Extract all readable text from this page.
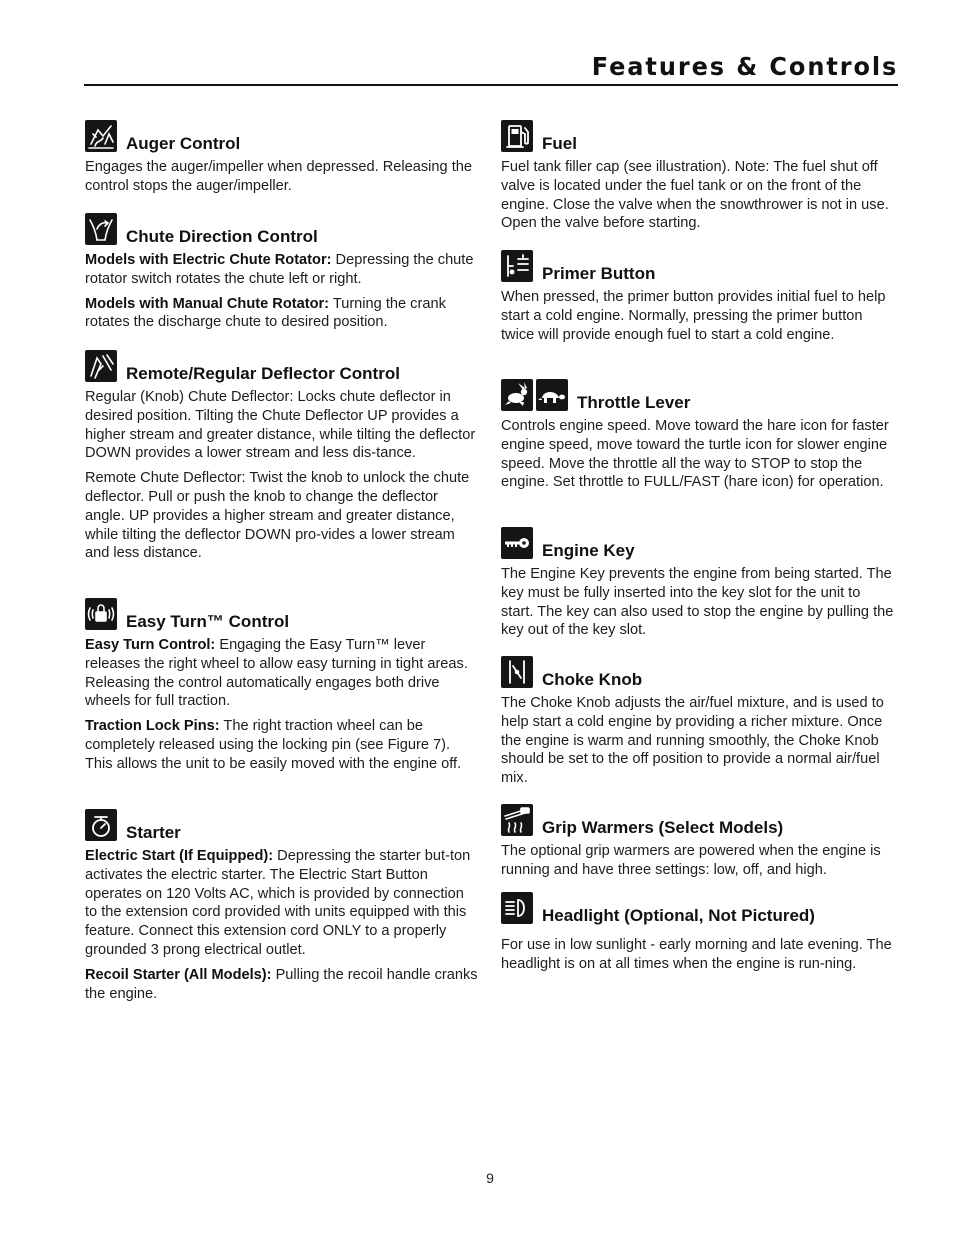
Features & Controls
Auger Control

Engages the auger/impeller when depressed. Releasing the control stops the auger/impeller.

Chute Direction Control

Models with Electric Chute Rotator: Depressing the chute rotator switch rotates the chute left or right.

Models with Manual Chute Rotator: Turning the crank rotates the discharge chute to desired position.

Remote/Regular Deflector Control

Regular (Knob) Chute Deflector: Locks chute deflector in desired position. Tilting the Chute Deflector UP provides a higher stream and greater distance, while tilting the deflector DOWN provides a lower stream and less dis-tance.

Remote Chute Deflector: Twist the knob to unlock the chute deflector. Pull or push the knob to change the deflector angle. UP provides a higher stream and greater distance, while tilting the deflector DOWN pro-vides a lower stream and less distance.

Easy Turn™ Control

Easy Turn Control: Engaging the Easy Turn™ lever releases the right wheel to allow easy turning in tight areas. Releasing the control automatically engages both drive wheels for full traction.

Traction Lock Pins: The right traction wheel can be completely released using the locking pin (see Figure 7). This allows the unit to be easily moved with the engine off.

Starter

Electric Start (If Equipped): Depressing the starter but-ton activates the electric starter. The Electric Start Button operates on 120 Volts AC, which is provided by connection to the extension cord provided with units equipped with this feature. Connect this extension cord ONLY to a properly grounded 3 prong electrical outlet.

Recoil Starter (All Models): Pulling the recoil handle cranks the engine.

Fuel

Fuel tank filler cap (see illustration). Note: The fuel shut off valve is located under the fuel tank or on the front of the engine. Close the valve when the snowthrower is not in use. Open the valve before starting.

Primer Button

When pressed, the primer button provides initial fuel to help start a cold engine. Normally, pressing the primer button twice will provide enough fuel to start a cold engine.

Throttle Lever

Controls engine speed. Move toward the hare icon for faster engine speed, move toward the turtle icon for slower engine speed. Move the throttle all the way to STOP to stop the engine. Set throttle to FULL/FAST (hare icon) for operation.

Engine Key

The Engine Key prevents the engine from being started. The key must be fully inserted into the key slot for the unit to start. The key can also used to stop the engine by pulling the key out of the key slot.

Choke Knob

The Choke Knob adjusts the air/fuel mixture, and is used to help start a cold engine by providing a richer mixture. Once the engine is warm and running smoothly, the Choke Knob should be set to the off position to provide a normal air/fuel mix.

Grip Warmers (Select Models)

The optional grip warmers are powered when the engine is running and have three settings: low, off, and high.

Headlight (Optional, Not Pictured)

For use in low sunlight - early morning and late evening. The headlight is on at all times when the engine is run-ning.

9
